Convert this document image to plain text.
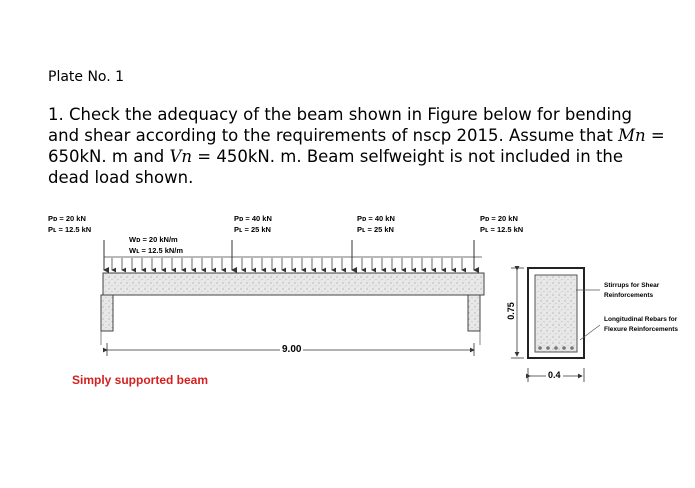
Plate No. 1
1. Check the adequacy of the beam shown in Figure below for bending and shear according to the requirements of nscp 2015. Assume that Mn = 650kN. m and Vn = 450kN. m. Beam selfweight is not included in the dead load shown.
Pᴅ = 20 kN
Pʟ = 12.5 kN
Pᴅ = 40 kN
Pʟ = 25 kN
Pᴅ = 40 kN
Pʟ = 25 kN
Pᴅ = 20 kN
Pʟ = 12.5 kN
Wᴅ = 20 kN/m
Wʟ = 12.5 kN/m
9.00
0.75
0.4
Stirrups for Shear
Reinforcements
Longitudinal Rebars for
Flexure Reinforcements
Simply supported beam
